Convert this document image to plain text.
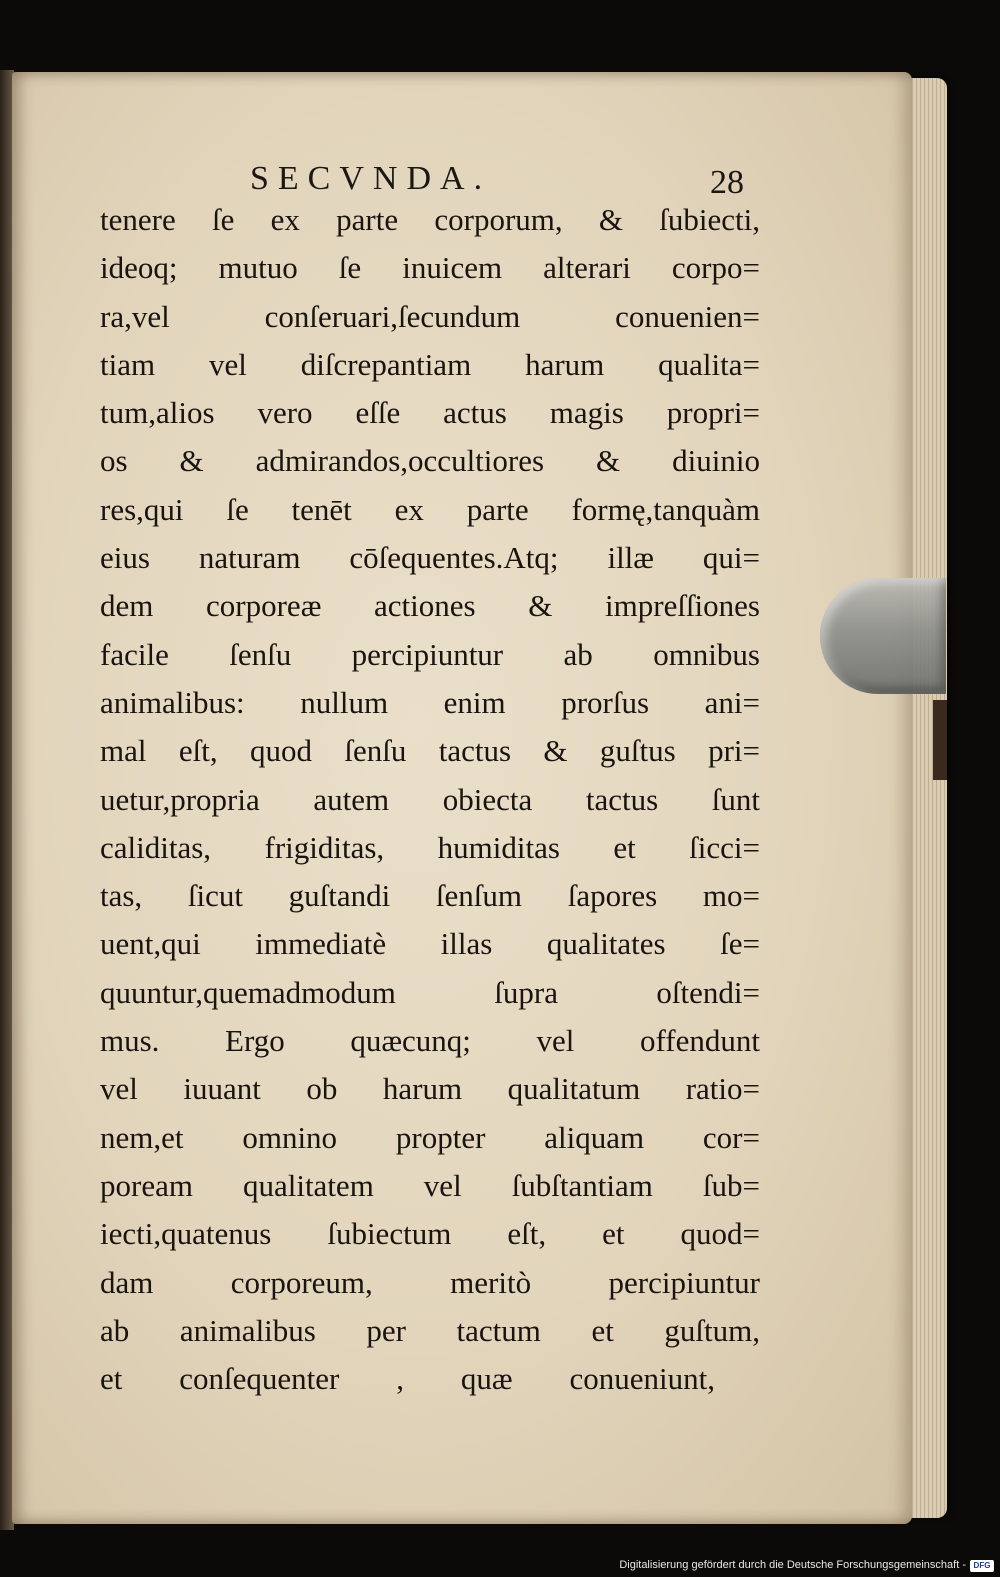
SECVNDA.	28
tenere ſe ex parte corporum, & ſubiecti,
ideoq; mutuo ſe inuicem alterari corpo=
ra,vel conſeruari,ſecundum conuenien=
tiam vel diſcrepantiam harum qualita=
tum,alios vero eſſe actus magis propri=
os & admirandos,occultiores & diuinio
res,qui ſe tenēt ex parte formę,tanquàm
eius naturam cōſequentes.Atq; illæ qui=
dem corporeæ actiones & impreſſiones
facile ſenſu percipiuntur ab omnibus
animalibus: nullum enim prorſus ani=
mal eſt, quod ſenſu tactus & guſtus pri=
uetur,propria autem obiecta tactus ſunt
caliditas, frigiditas, humiditas et ſicci=
tas, ſicut guſtandi ſenſum ſapores mo=
uent,qui immediatè illas qualitates ſe=
quuntur,quemadmodum ſupra oſtendi=
mus. Ergo quæcunq; vel offendunt
vel iuuant ob harum qualitatum ratio=
nem,et omnino propter aliquam cor=
poream qualitatem vel ſubſtantiam ſub=
iecti,quatenus ſubiectum eſt, et quod=
dam corporeum, meritò percipiuntur
ab animalibus per tactum et guſtum,
et conſequenter , quæ conueniunt,
Digitalisierung gefördert durch die Deutsche Forschungsgemeinschaft - DFG
